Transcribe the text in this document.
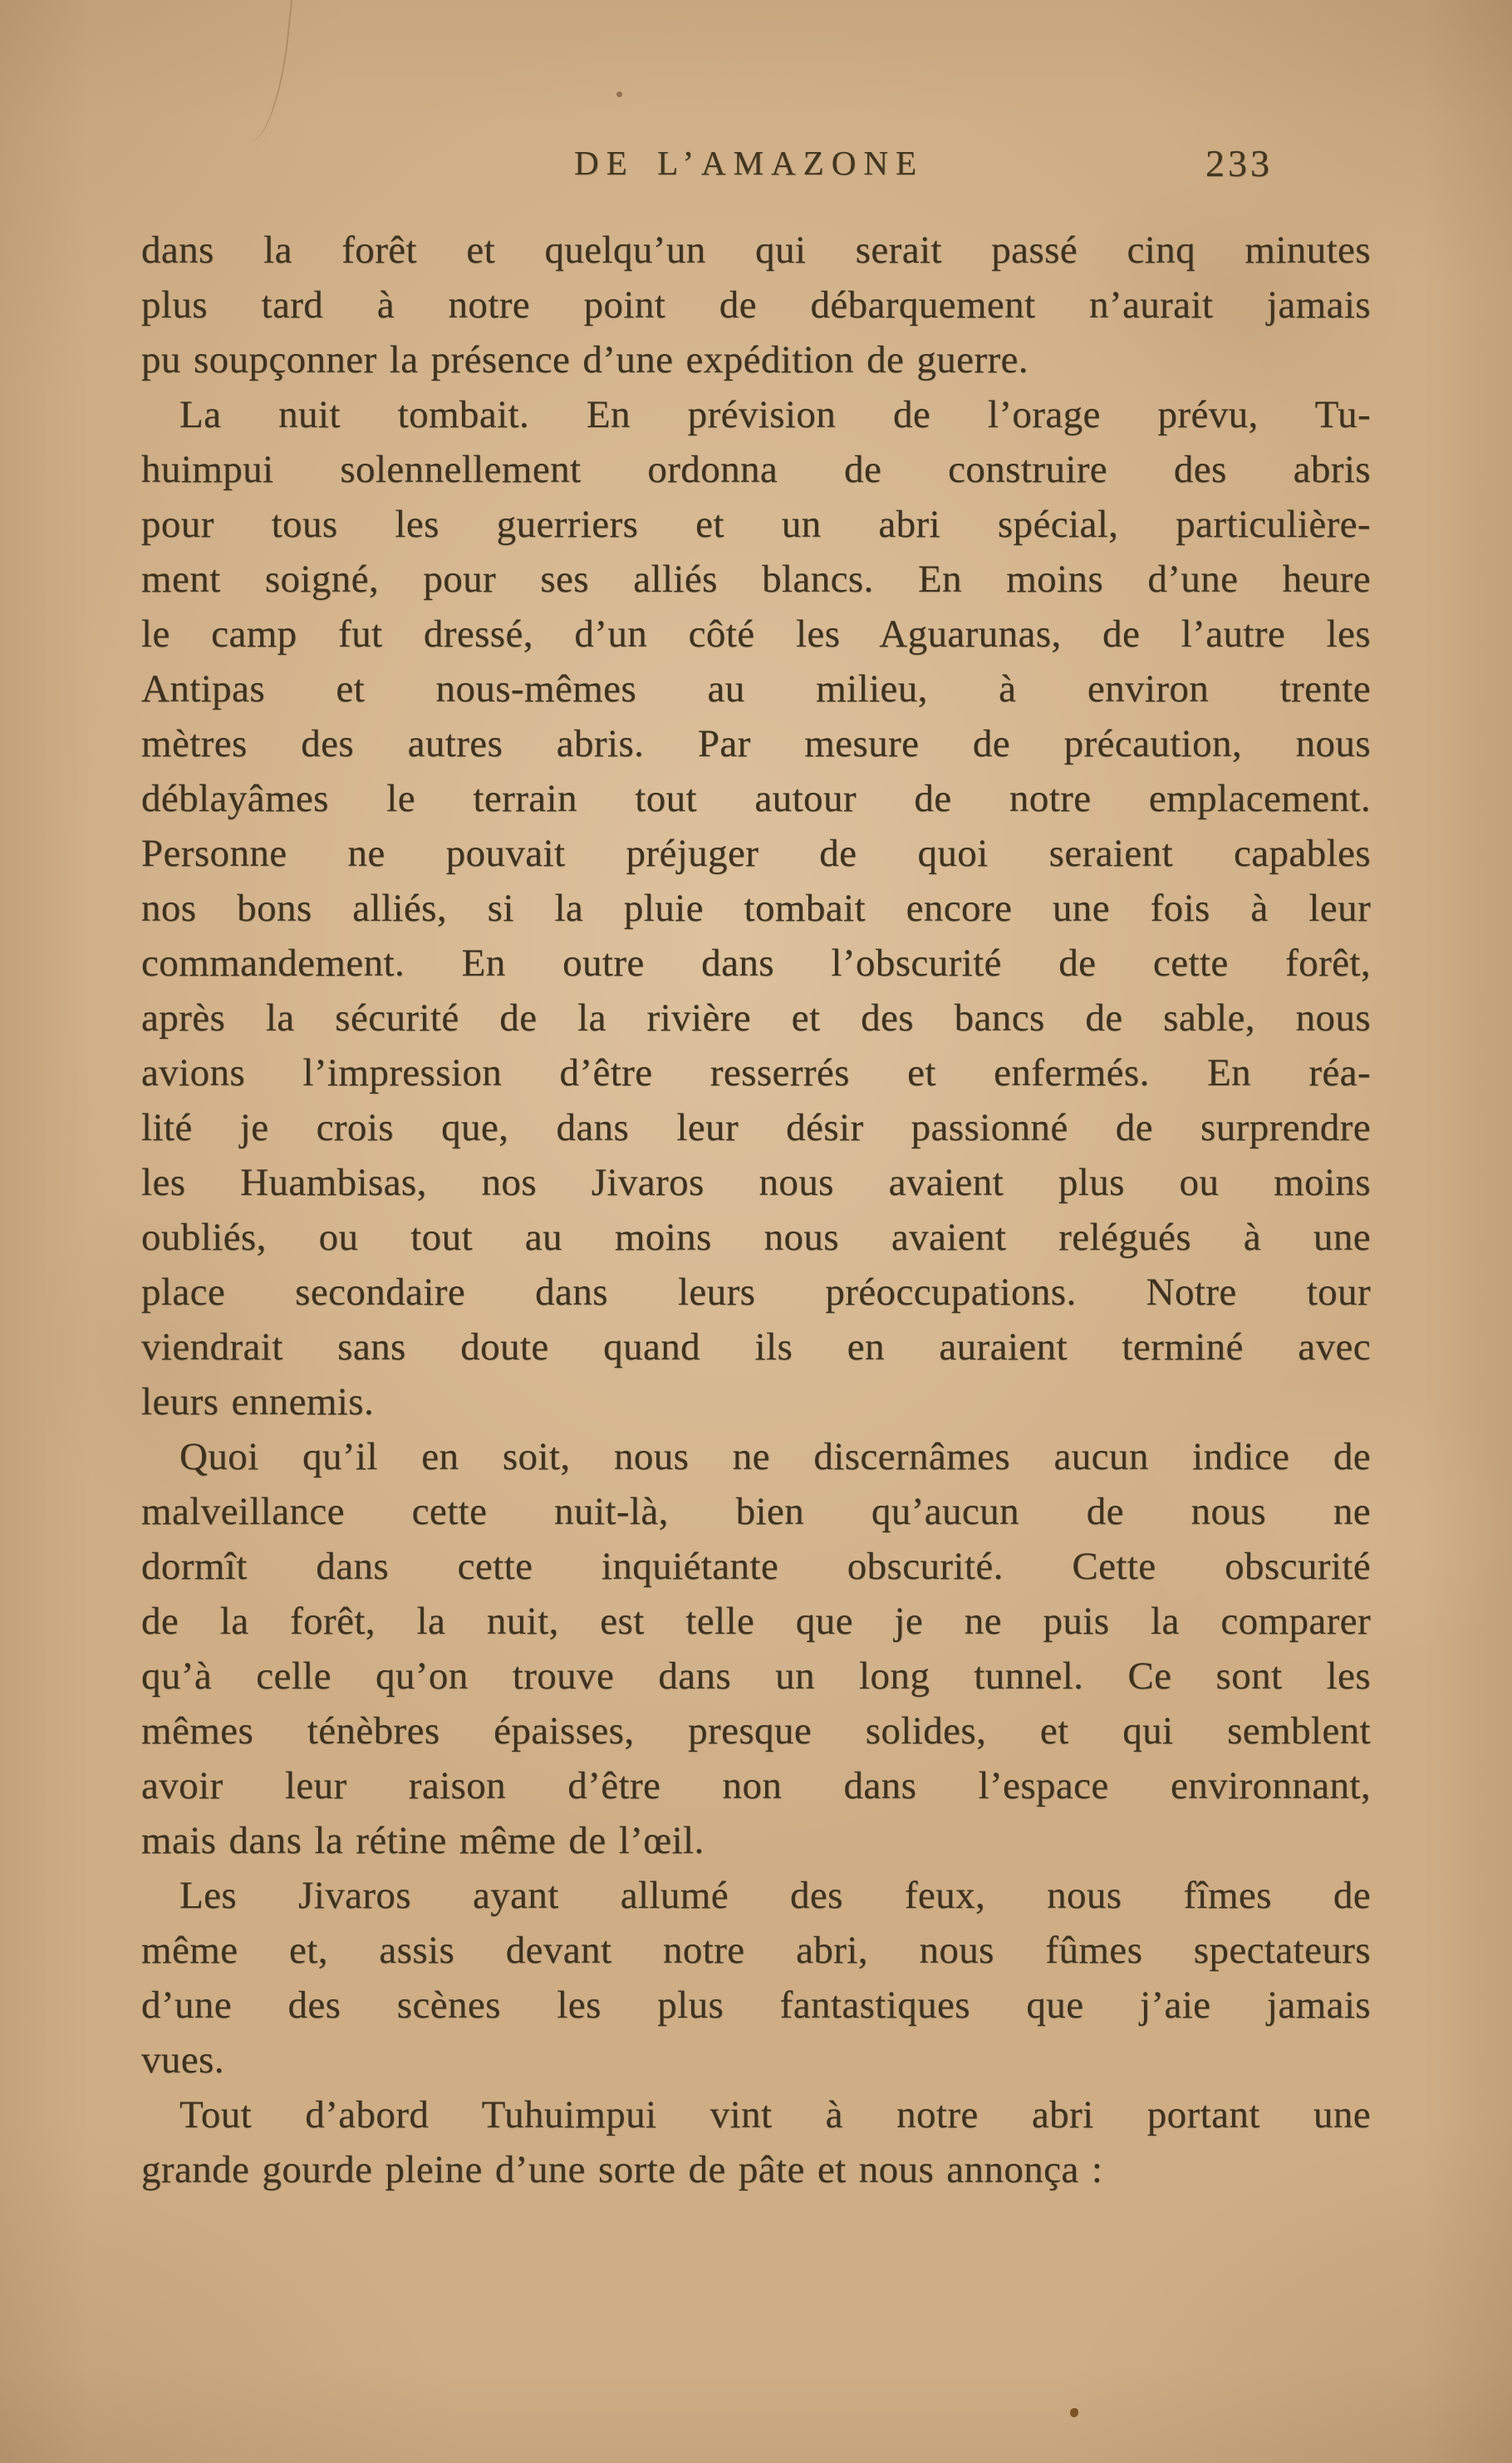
DE L’AMAZONE	233
dans la forêt et quelqu’un qui serait passé cinq minutes
plus tard à notre point de débarquement n’aurait jamais
pu soupçonner la présence d’une expédition de guerre.
La nuit tombait. En prévision de l’orage prévu, Tu-
huimpui solennellement ordonna de construire des abris
pour tous les guerriers et un abri spécial, particulière-
ment soigné, pour ses alliés blancs. En moins d’une heure
le camp fut dressé, d’un côté les Aguarunas, de l’autre les
Antipas et nous-mêmes au milieu, à environ trente
mètres des autres abris. Par mesure de précaution, nous
déblayâmes le terrain tout autour de notre emplacement.
Personne ne pouvait préjuger de quoi seraient capables
nos bons alliés, si la pluie tombait encore une fois à leur
commandement. En outre dans l’obscurité de cette forêt,
après la sécurité de la rivière et des bancs de sable, nous
avions l’impression d’être resserrés et enfermés. En réa-
lité je crois que, dans leur désir passionné de surprendre
les Huambisas, nos Jivaros nous avaient plus ou moins
oubliés, ou tout au moins nous avaient relégués à une
place secondaire dans leurs préoccupations. Notre tour
viendrait sans doute quand ils en auraient terminé avec
leurs ennemis.
Quoi qu’il en soit, nous ne discernâmes aucun indice de
malveillance cette nuit-là, bien qu’aucun de nous ne
dormît dans cette inquiétante obscurité. Cette obscurité
de la forêt, la nuit, est telle que je ne puis la comparer
qu’à celle qu’on trouve dans un long tunnel. Ce sont les
mêmes ténèbres épaisses, presque solides, et qui semblent
avoir leur raison d’être non dans l’espace environnant,
mais dans la rétine même de l’œil.
Les Jivaros ayant allumé des feux, nous fîmes de
même et, assis devant notre abri, nous fûmes spectateurs
d’une des scènes les plus fantastiques que j’aie jamais
vues.
Tout d’abord Tuhuimpui vint à notre abri portant une
grande gourde pleine d’une sorte de pâte et nous annonça :
